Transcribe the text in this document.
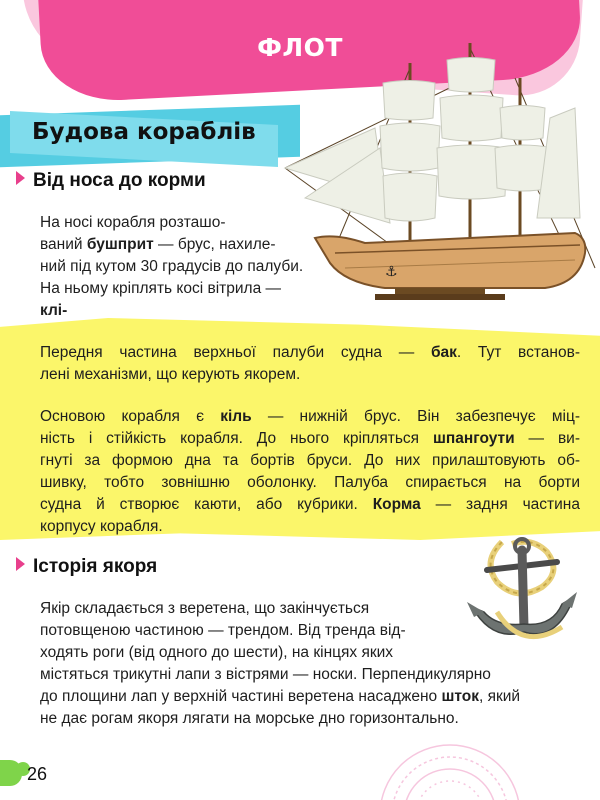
ФЛОТ
⚓
Будова кораблів
Від носа до корми
На носі корабля розташо-
ваний бушприт — брус, нахиле-
ний під кутом 30 градусів до палуби.
На ньому кріплять косі вітрила — клі-
Передня частина верхньої палуби судна — бак. Тут встанов-
лені механізми, що керують якорем.
Основою корабля є кіль — нижній брус. Він забезпечує міц-
ність і стійкість корабля. До нього кріпляться шпангоути — ви-
гнуті за формою дна та бортів бруси. До них прилаштовують об-
шивку, тобто зовнішню оболонку. Палуба спирається на борти
судна й створює каюти, або кубрики. Корма — задня частина
корпусу корабля.
Історія якоря
Якір складається з веретена, що закінчується
потовщеною частиною — трендом. Від тренда від-
ходять роги (від одного до шести), на кінцях яких
містяться трикутні лапи з вістрями — носки. Перпендикулярно
до площини лап у верхній частині веретена насаджено шток, який
не дає рогам якоря лягати на морське дно горизонтально.
26
